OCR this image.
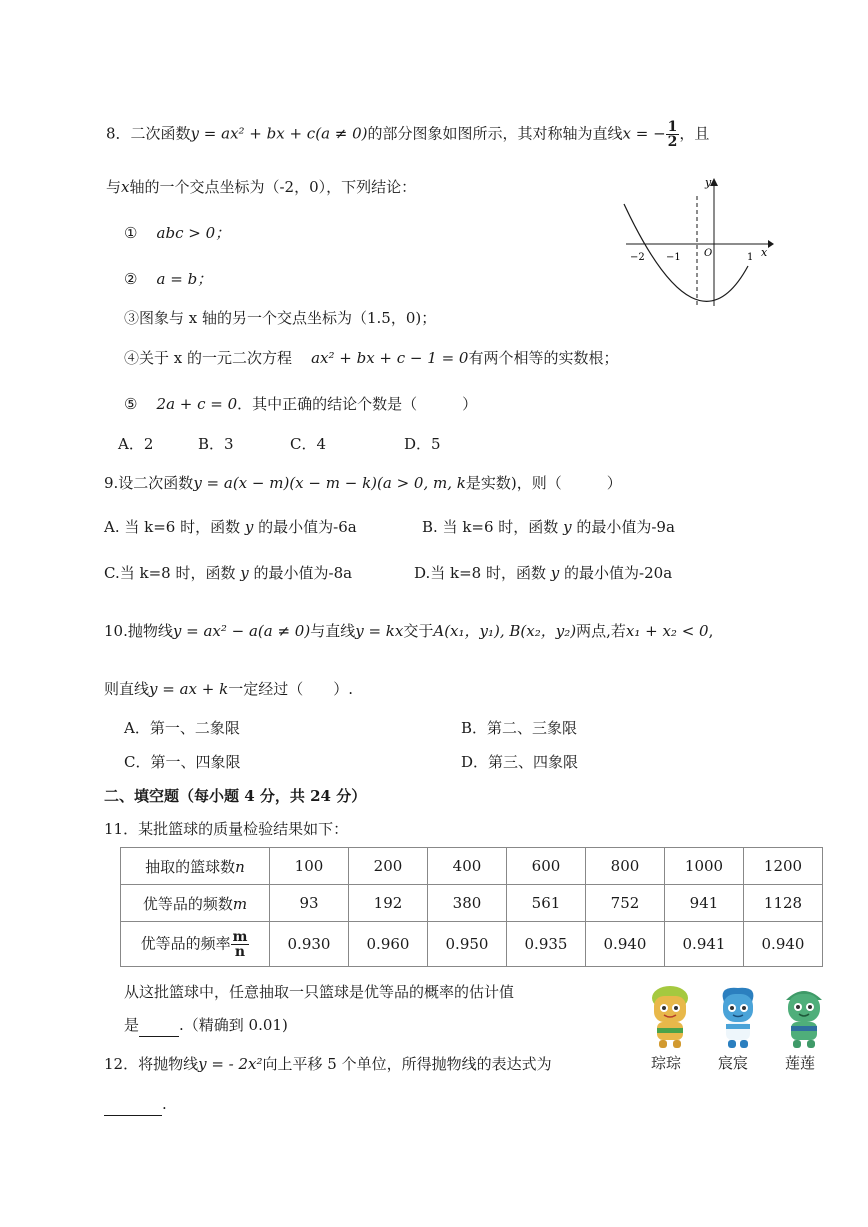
8．二次函数y = ax² + bx + c(a ≠ 0)的部分图象如图所示，其对称轴为直线x = − $\frac{1}{2}$ ，且
与x轴的一个交点坐标为（-2，0），下列结论：
① abc > 0；
② a = b；
③图象与 x 轴的另一个交点坐标为（1.5，0)；
④关于 x 的一元二次方程 ax² + bx + c − 1 = 0有两个相等的实数根；
⑤ 2a + c = 0．其中正确的结论个数是（　　　）
A．2	B．3	C．4	D．5
y
x
O
−2 −1	1
9.设二次函数y = a(x − m)(x − m − k)(a > 0, m, k是实数)，则（　　　）
A. 当 k=6 时，函数 y 的最小值为-6a	B. 当 k=6 时，函数 y 的最小值为-9a
C.当 k=8 时，函数 y 的最小值为-8a	D.当 k=8 时，函数 y 的最小值为-20a
10.抛物线y = ax² − a(a ≠ 0)与直线y = kx交于A(x₁，y₁), B(x₂，y₂)两点,若x₁ + x₂ < 0,
则直线y = ax + k一定经过（　　）.
A．第一、二象限	B．第二、三象限
C．第一、四象限	D．第三、四象限
二、填空题（每小题 4 分，共 24 分）
11．某批篮球的质量检验结果如下：
抽取的篮球数n	100	200	400	600	800	1000	1200
优等品的频数m	93	192	380	561	752	941	1128
优等品的频率 $\frac{m}{n}$	0.930	0.960	0.950	0.935	0.940	0.941	0.940
从这批篮球中，任意抽取一只篮球是优等品的概率的估计值
是	.（精确到 0.01)
琮琮 宸宸 莲莲
12．将抛物线y = - 2x²向上平移 5 个单位，所得抛物线的表达式为
.
